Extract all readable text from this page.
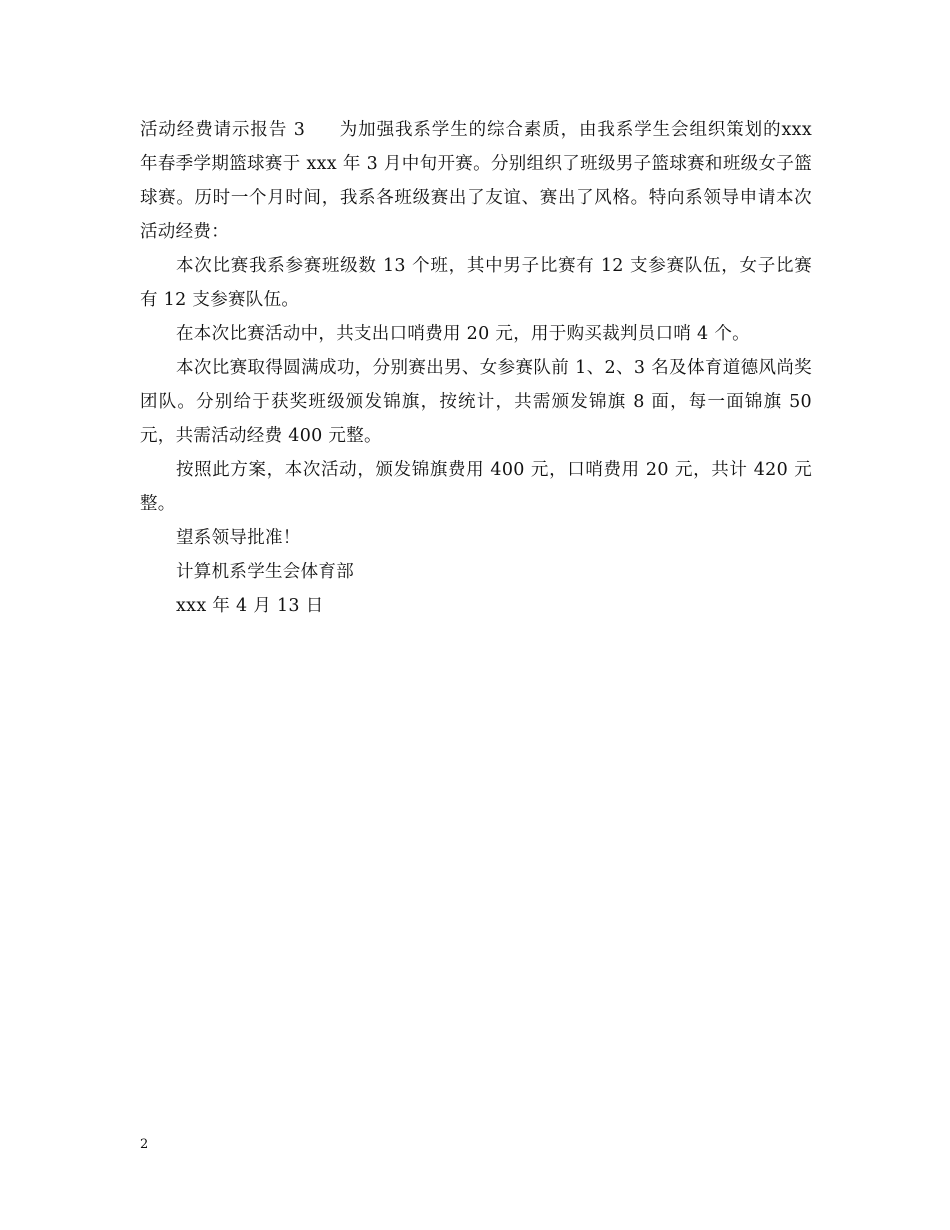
活动经费请示报告 3 为加强我系学生的综合素质，由我系学生会组织策划的xxx 年春季学期篮球赛于 xxx 年 3 月中旬开赛。分别组织了班级男子篮球赛和班级女子篮球赛。历时一个月时间，我系各班级赛出了友谊、赛出了风格。特向系领导申请本次活动经费：

本次比赛我系参赛班级数 13 个班，其中男子比赛有 12 支参赛队伍，女子比赛有 12 支参赛队伍。

在本次比赛活动中，共支出口哨费用 20 元，用于购买裁判员口哨 4 个。

本次比赛取得圆满成功，分别赛出男、女参赛队前 1、2、3 名及体育道德风尚奖团队。分别给于获奖班级颁发锦旗，按统计，共需颁发锦旗 8 面，每一面锦旗 50 元，共需活动经费 400 元整。

按照此方案，本次活动，颁发锦旗费用 400 元，口哨费用 20 元，共计 420 元整。

望系领导批准！

计算机系学生会体育部

xxx 年 4 月 13 日

2
